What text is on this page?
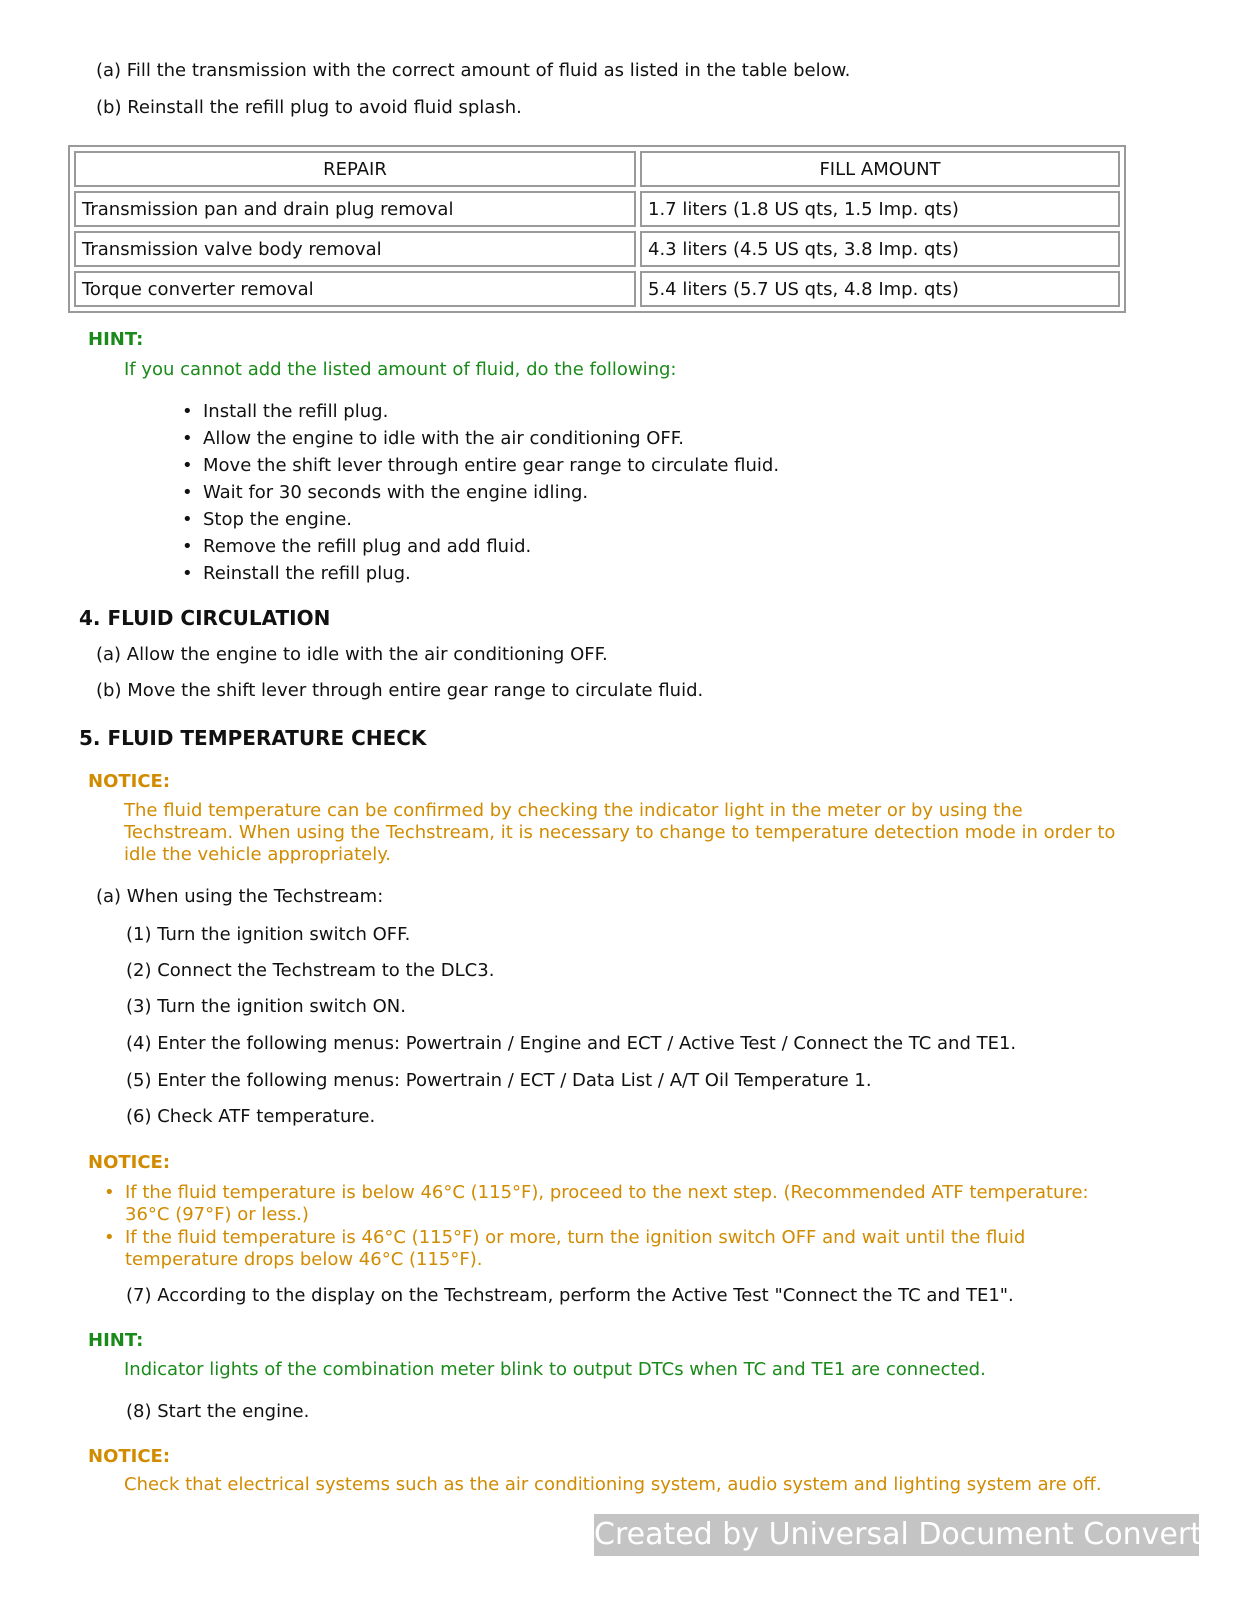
(a) Fill the transmission with the correct amount of fluid as listed in the table below.
(b) Reinstall the refill plug to avoid fluid splash.
REPAIR	FILL AMOUNT
Transmission pan and drain plug removal	1.7 liters (1.8 US qts, 1.5 Imp. qts)
Transmission valve body removal	4.3 liters (4.5 US qts, 3.8 Imp. qts)
Torque converter removal	5.4 liters (5.7 US qts, 4.8 Imp. qts)
HINT:
If you cannot add the listed amount of fluid, do the following:
• Install the refill plug.
• Allow the engine to idle with the air conditioning OFF.
• Move the shift lever through entire gear range to circulate fluid.
• Wait for 30 seconds with the engine idling.
• Stop the engine.
• Remove the refill plug and add fluid.
• Reinstall the refill plug.
4. FLUID CIRCULATION
(a) Allow the engine to idle with the air conditioning OFF.
(b) Move the shift lever through entire gear range to circulate fluid.
5. FLUID TEMPERATURE CHECK
NOTICE:
The fluid temperature can be confirmed by checking the indicator light in the meter or by using the Techstream. When using the Techstream, it is necessary to change to temperature detection mode in order to idle the vehicle appropriately.
(a) When using the Techstream:
(1) Turn the ignition switch OFF.
(2) Connect the Techstream to the DLC3.
(3) Turn the ignition switch ON.
(4) Enter the following menus: Powertrain / Engine and ECT / Active Test / Connect the TC and TE1.
(5) Enter the following menus: Powertrain / ECT / Data List / A/T Oil Temperature 1.
(6) Check ATF temperature.
NOTICE:
• If the fluid temperature is below 46°C (115°F), proceed to the next step. (Recommended ATF temperature: 36°C (97°F) or less.)
• If the fluid temperature is 46°C (115°F) or more, turn the ignition switch OFF and wait until the fluid temperature drops below 46°C (115°F).
(7) According to the display on the Techstream, perform the Active Test "Connect the TC and TE1".
HINT:
Indicator lights of the combination meter blink to output DTCs when TC and TE1 are connected.
(8) Start the engine.
NOTICE:
Check that electrical systems such as the air conditioning system, audio system and lighting system are off.
Created by Universal Document Converter
